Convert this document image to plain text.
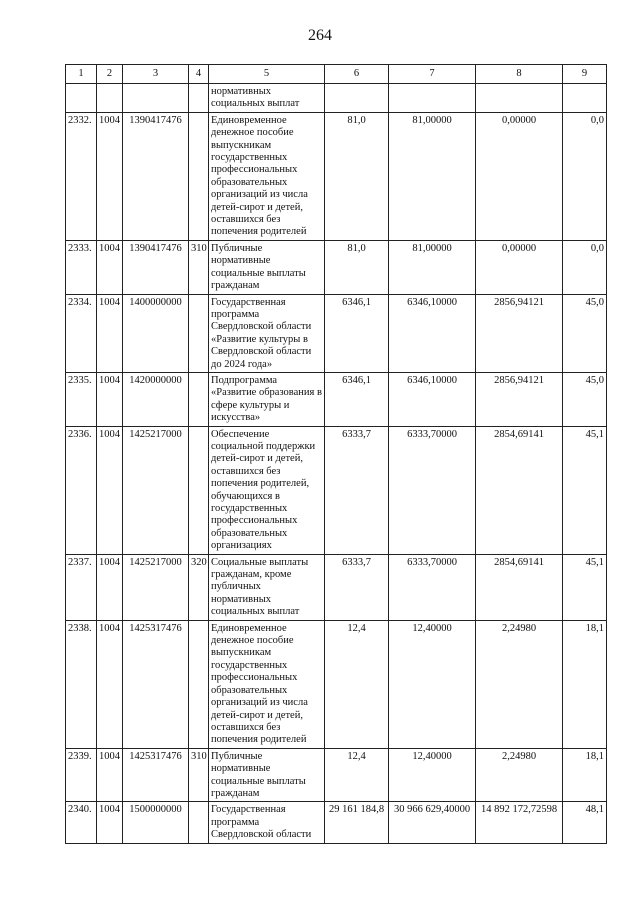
264
1	2	3	4	5	6	7	8	9
				нормативных социальных выплат				
2332.	1004	1390417476		Единовременное денежное пособие выпускникам государственных профессиональных образовательных организаций из числа детей-сирот и детей, оставшихся без попечения родителей	81,0	81,00000	0,00000	0,0
2333.	1004	1390417476	310	Публичные нормативные социальные выплаты гражданам	81,0	81,00000	0,00000	0,0
2334.	1004	1400000000		Государственная программа Свердловской области «Развитие культуры в Свердловской области до 2024 года»	6346,1	6346,10000	2856,94121	45,0
2335.	1004	1420000000		Подпрограмма «Развитие образования в сфере культуры и искусства»	6346,1	6346,10000	2856,94121	45,0
2336.	1004	1425217000		Обеспечение социальной поддержки детей-сирот и детей, оставшихся без попечения родителей, обучающихся в государственных профессиональных образовательных организациях	6333,7	6333,70000	2854,69141	45,1
2337.	1004	1425217000	320	Социальные выплаты гражданам, кроме публичных нормативных социальных выплат	6333,7	6333,70000	2854,69141	45,1
2338.	1004	1425317476		Единовременное денежное пособие выпускникам государственных профессиональных образовательных организаций из числа детей-сирот и детей, оставшихся без попечения родителей	12,4	12,40000	2,24980	18,1
2339.	1004	1425317476	310	Публичные нормативные социальные выплаты гражданам	12,4	12,40000	2,24980	18,1
2340.	1004	1500000000		Государственная программа Свердловской области	29 161 184,8	30 966 629,40000	14 892 172,72598	48,1
